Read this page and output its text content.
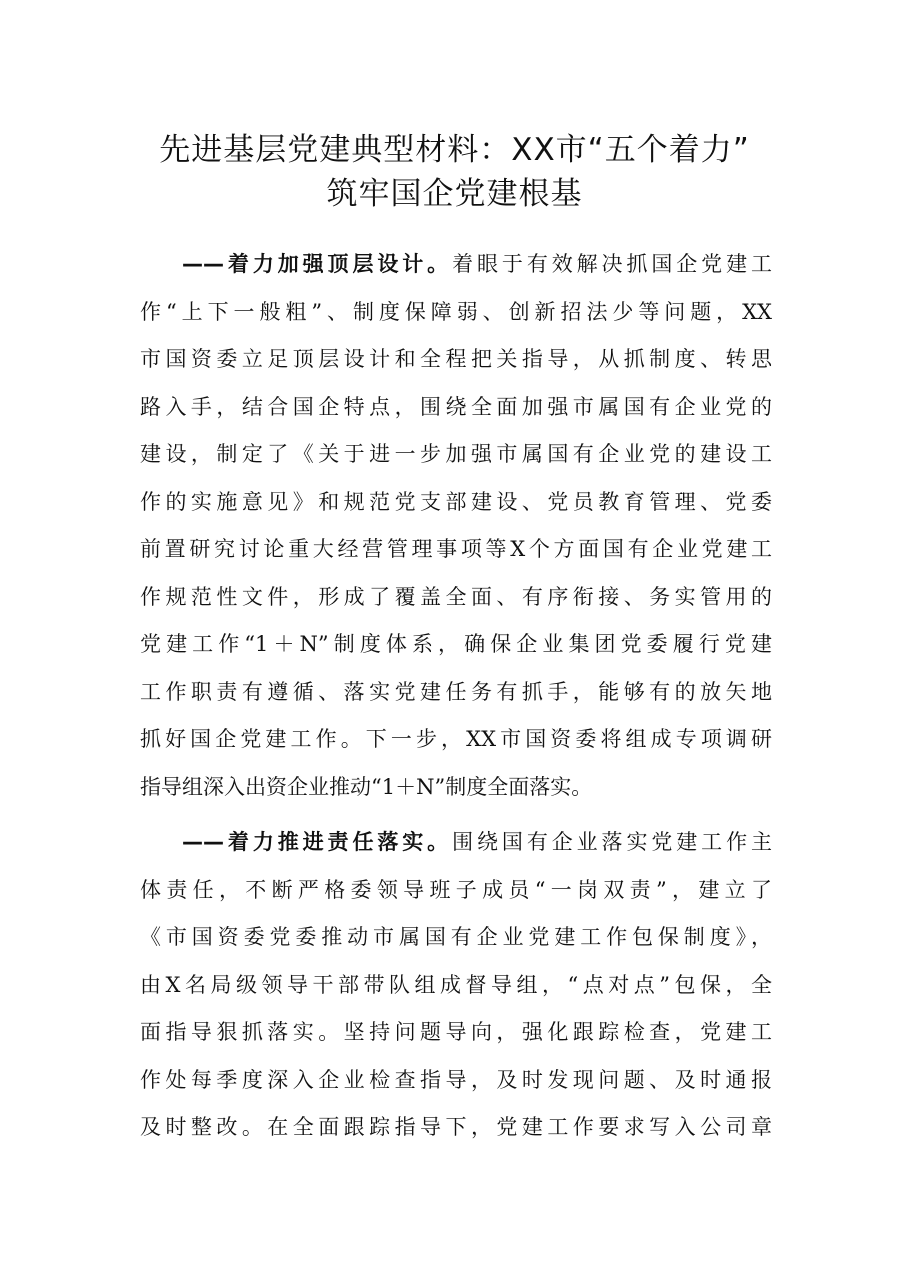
先进基层党建典型材料：XX市“五个着力”
筑牢国企党建根基
——着力加强顶层设计。着眼于有效解决抓国企党建工
作“上下一般粗”、制度保障弱、创新招法少等问题，XX
市国资委立足顶层设计和全程把关指导，从抓制度、转思
路入手，结合国企特点，围绕全面加强市属国有企业党的
建设，制定了《关于进一步加强市属国有企业党的建设工
作的实施意见》和规范党支部建设、党员教育管理、党委
前置研究讨论重大经营管理事项等X个方面国有企业党建工
作规范性文件，形成了覆盖全面、有序衔接、务实管用的
党建工作“1＋N”制度体系，确保企业集团党委履行党建
工作职责有遵循、落实党建任务有抓手，能够有的放矢地
抓好国企党建工作。下一步，XX市国资委将组成专项调研
指导组深入出资企业推动“1＋N”制度全面落实。
——着力推进责任落实。围绕国有企业落实党建工作主
体责任，不断严格委领导班子成员“一岗双责”，建立了
《市国资委党委推动市属国有企业党建工作包保制度》，
由X名局级领导干部带队组成督导组，“点对点”包保，全
面指导狠抓落实。坚持问题导向，强化跟踪检查，党建工
作处每季度深入企业检查指导，及时发现问题、及时通报
及时整改。在全面跟踪指导下，党建工作要求写入公司章
